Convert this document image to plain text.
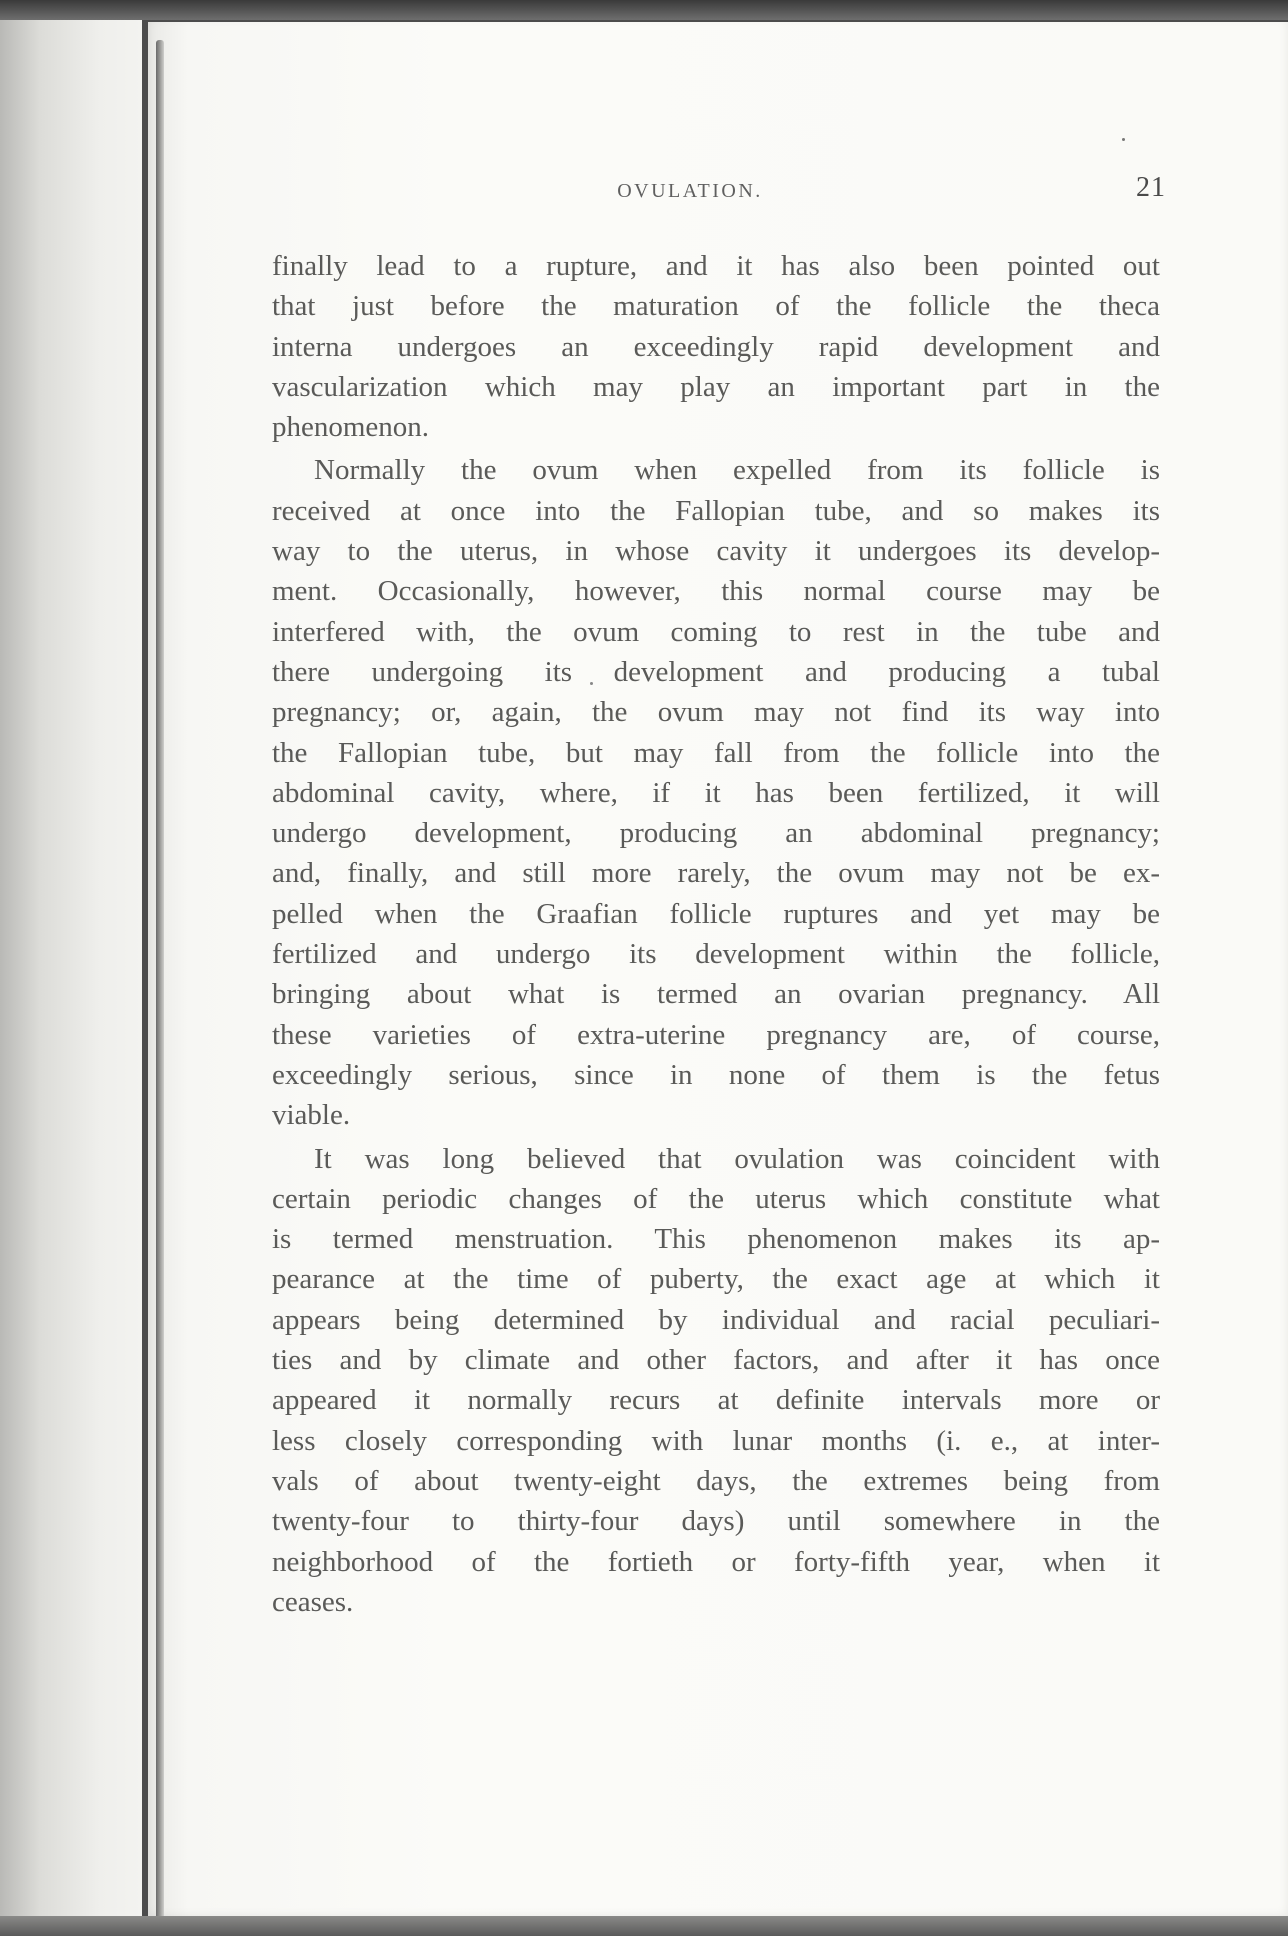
OVULATION.	21
finally lead to a rupture, and it has also been pointed out
that just before the maturation of the follicle the theca
interna undergoes an exceedingly rapid development and
vascularization which may play an important part in the
phenomenon.
Normally the ovum when expelled from its follicle is
received at once into the Fallopian tube, and so makes its
way to the uterus, in whose cavity it undergoes its develop-
ment. Occasionally, however, this normal course may be
interfered with, the ovum coming to rest in the tube and
there undergoing its development and producing a tubal
pregnancy; or, again, the ovum may not find its way into
the Fallopian tube, but may fall from the follicle into the
abdominal cavity, where, if it has been fertilized, it will
undergo development, producing an abdominal pregnancy;
and, finally, and still more rarely, the ovum may not be ex-
pelled when the Graafian follicle ruptures and yet may be
fertilized and undergo its development within the follicle,
bringing about what is termed an ovarian pregnancy. All
these varieties of extra-uterine pregnancy are, of course,
exceedingly serious, since in none of them is the fetus
viable.
It was long believed that ovulation was coincident with
certain periodic changes of the uterus which constitute what
is termed menstruation. This phenomenon makes its ap-
pearance at the time of puberty, the exact age at which it
appears being determined by individual and racial peculiari-
ties and by climate and other factors, and after it has once
appeared it normally recurs at definite intervals more or
less closely corresponding with lunar months (i. e., at inter-
vals of about twenty-eight days, the extremes being from
twenty-four to thirty-four days) until somewhere in the
neighborhood of the fortieth or forty-fifth year, when it
ceases.
